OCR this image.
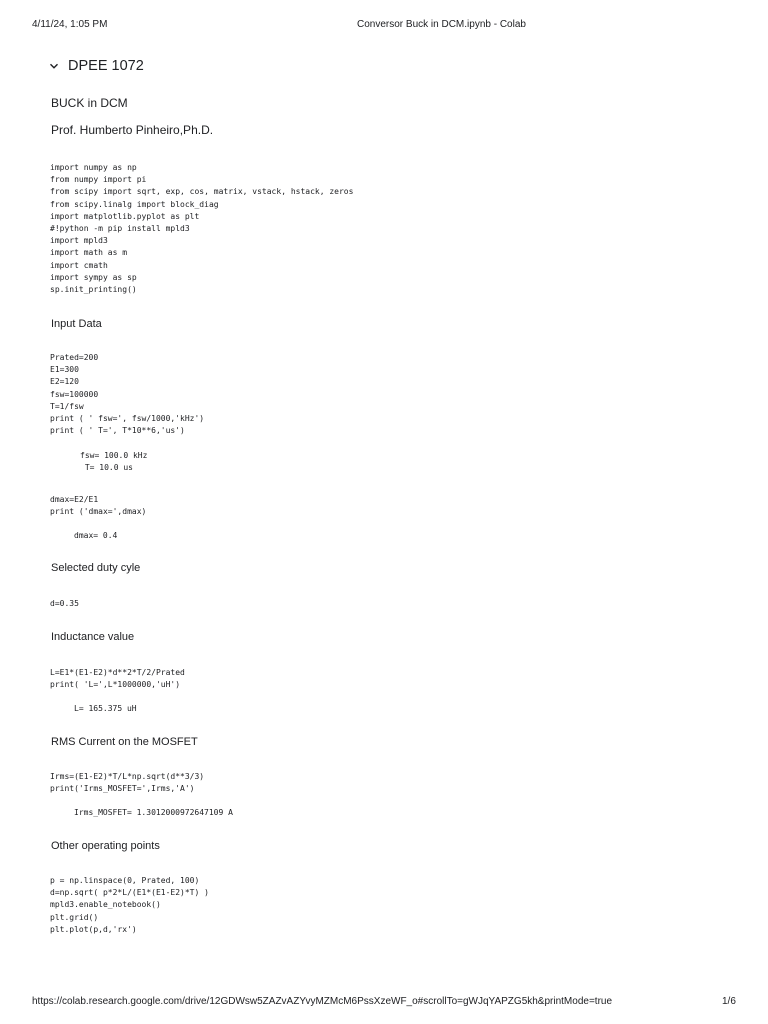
4/11/24, 1:05 PM	Conversor Buck in DCM.ipynb - Colab
DPEE 1072
BUCK in DCM
Prof. Humberto Pinheiro,Ph.D.
import numpy as np
from numpy import pi
from scipy import sqrt, exp, cos, matrix, vstack, hstack, zeros
from scipy.linalg import block_diag
import matplotlib.pyplot as plt
#!python -m pip install mpld3
import mpld3
import math as m
import cmath
import sympy as sp
sp.init_printing()
Input Data
Prated=200
E1=300
E2=120
fsw=100000
T=1/fsw
print ( ' fsw=', fsw/1000,'kHz')
print ( ' T=', T*10**6,'us')
fsw= 100.0 kHz
T= 10.0 us
dmax=E2/E1
print ('dmax=',dmax)
dmax= 0.4
Selected duty cyle
d=0.35
Inductance value
L=E1*(E1-E2)*d**2*T/2/Prated
print( 'L=',L*1000000,'uH')
L= 165.375 uH
RMS Current on the MOSFET
Irms=(E1-E2)*T/L*np.sqrt(d**3/3)
print('Irms_MOSFET=',Irms,'A')
Irms_MOSFET= 1.3012000972647109 A
Other operating points
p = np.linspace(0, Prated, 100)
d=np.sqrt( p*2*L/(E1*(E1-E2)*T) )
mpld3.enable_notebook()
plt.grid()
plt.plot(p,d,'rx')
https://colab.research.google.com/drive/12GDWsw5ZAZvAZYvyMZMcM6PssXzeWF_o#scrollTo=gWJqYAPZG5kh&printMode=true	1/6
